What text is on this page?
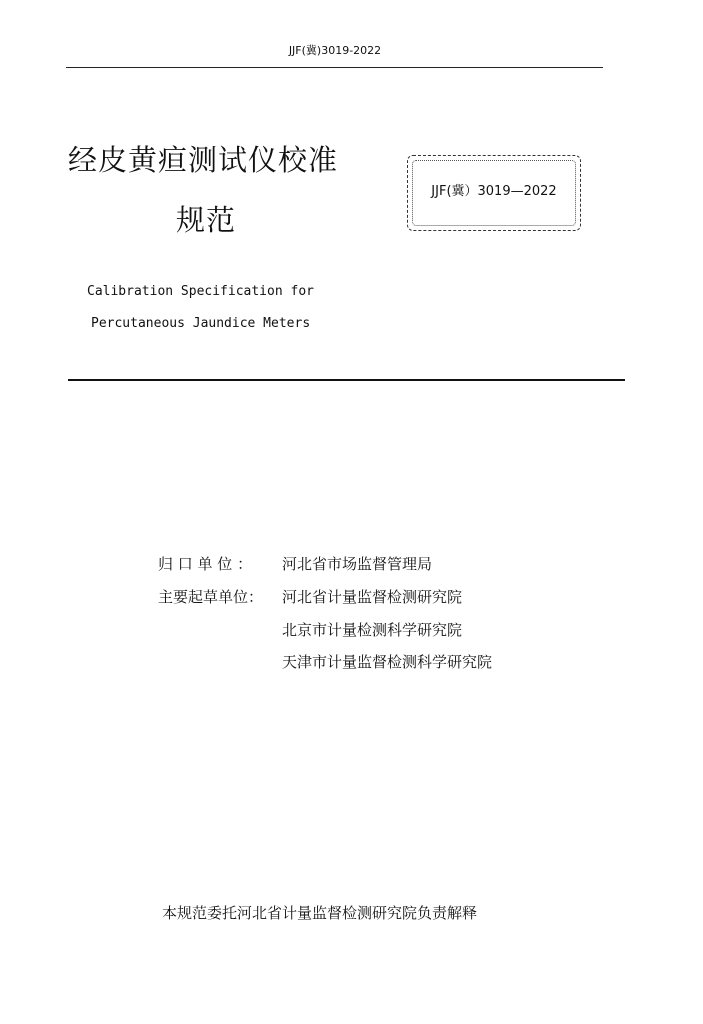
JJF(冀)3019-2022
经皮黄疸测试仪校准
规范
JJF(冀）3019—2022
Calibration Specification for
Percutaneous Jaundice Meters
归 口 单 位 ： 河北省市场监督管理局
主要起草单位： 河北省计量监督检测研究院
北京市计量检测科学研究院
天津市计量监督检测科学研究院
本规范委托河北省计量监督检测研究院负责解释
